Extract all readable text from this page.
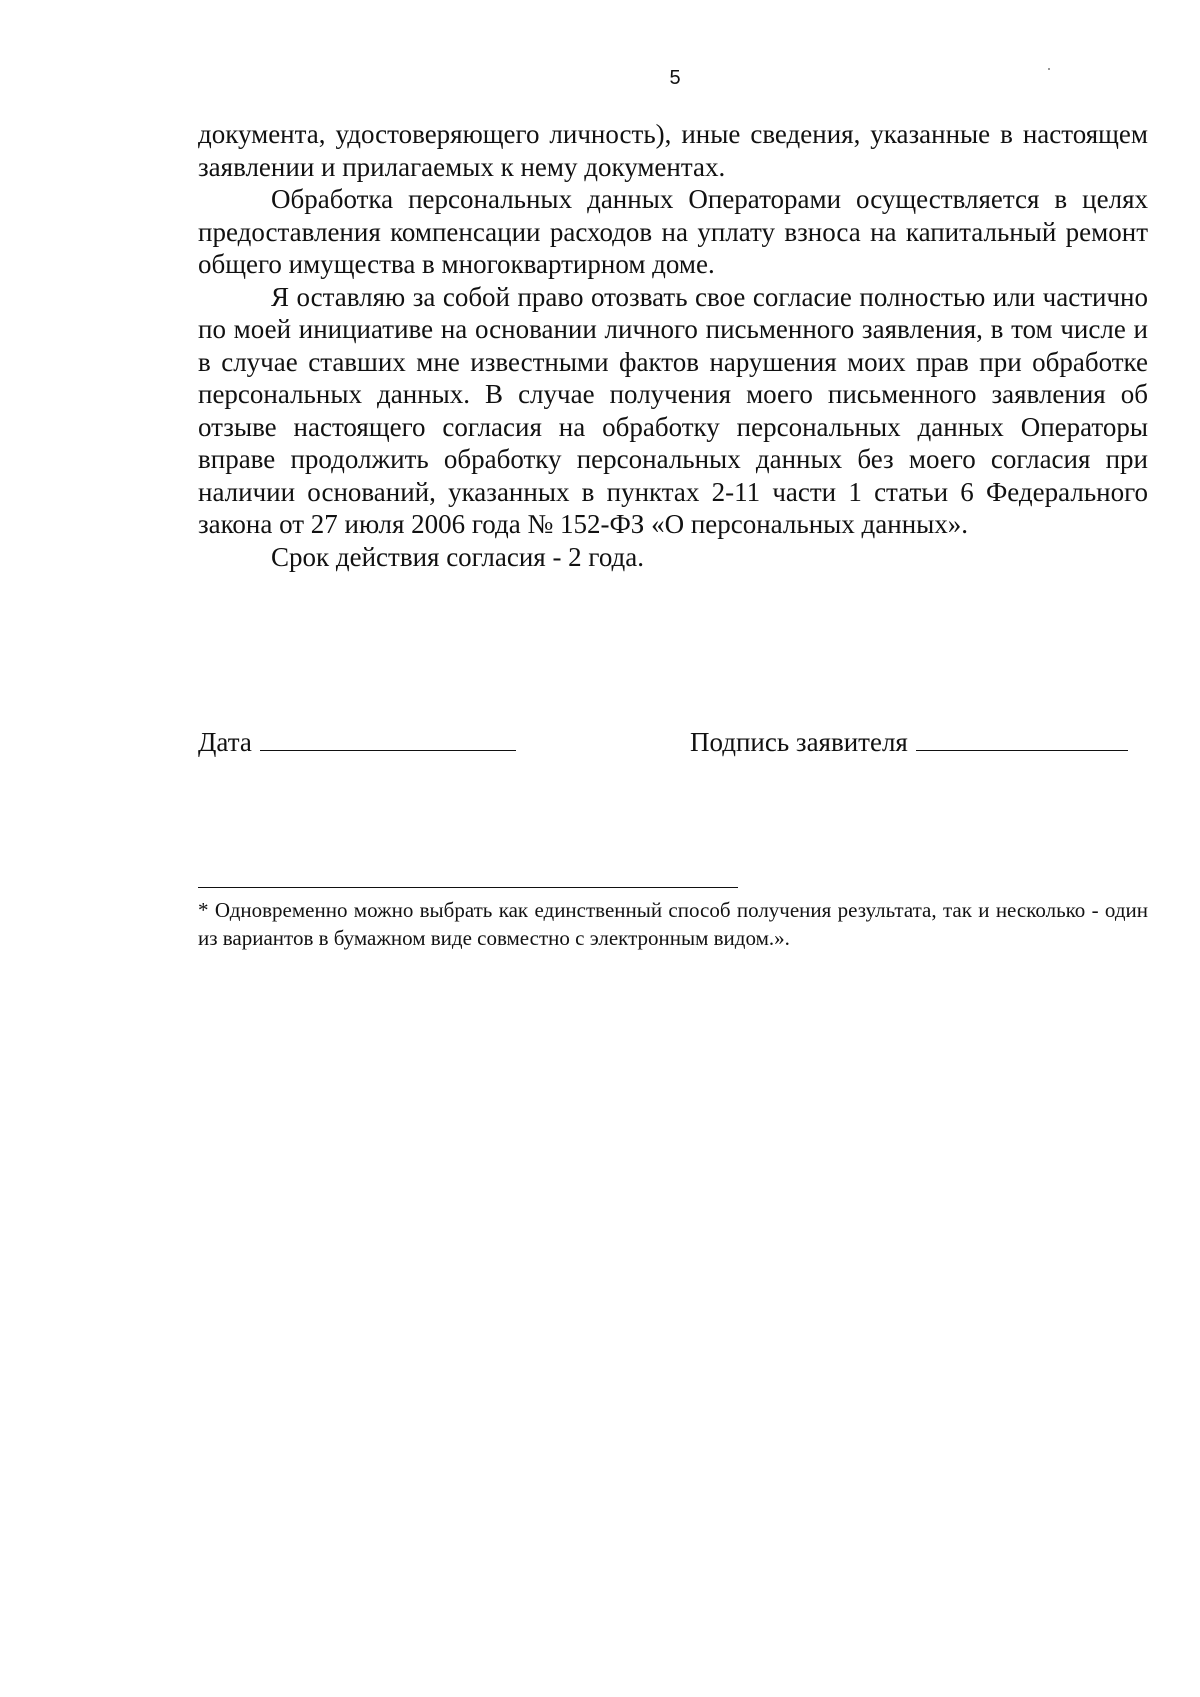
5

документа, удостоверяющего личность), иные сведения, указанные в настоящем заявлении и прилагаемых к нему документах.

Обработка персональных данных Операторами осуществляется в целях предоставления компенсации расходов на уплату взноса на капитальный ремонт общего имущества в многоквартирном доме.

Я оставляю за собой право отозвать свое согласие полностью или частично по моей инициативе на основании личного письменного заявления, в том числе и в случае ставших мне известными фактов нарушения моих прав при обработке персональных данных. В случае получения моего письменного заявления об отзыве настоящего согласия на обработку персональных данных Операторы вправе продолжить обработку персональных данных без моего согласия при наличии оснований, указанных в пунктах 2-11 части 1 статьи 6 Федерального закона от 27 июля 2006 года № 152-ФЗ «О персональных данных».

Срок действия согласия - 2 года.

Дата	Подпись заявителя

* Одновременно можно выбрать как единственный способ получения результата, так и несколько - один из вариантов в бумажном виде совместно с электронным видом.».
